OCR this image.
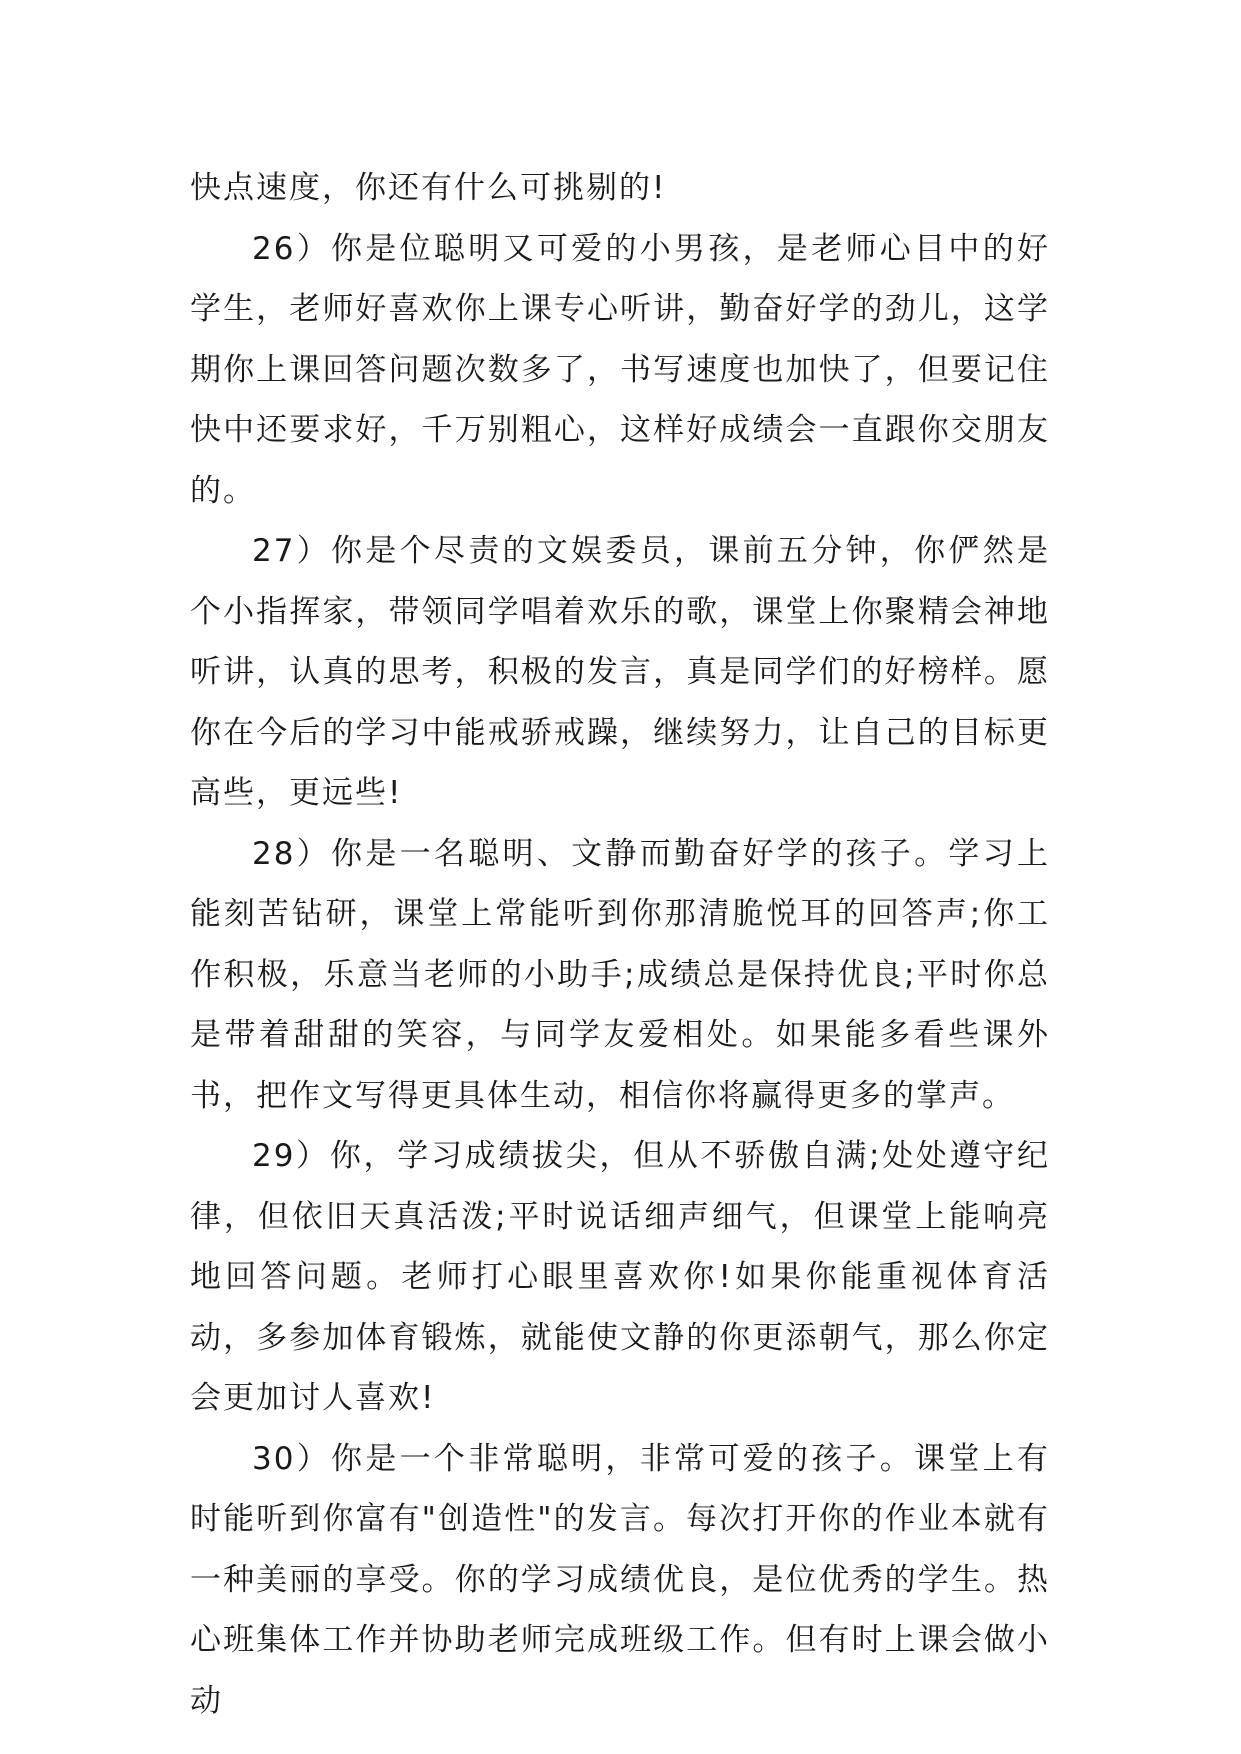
快点速度，你还有什么可挑剔的!

26）你是位聪明又可爱的小男孩，是老师心目中的好学生，老师好喜欢你上课专心听讲，勤奋好学的劲儿，这学期你上课回答问题次数多了，书写速度也加快了，但要记住快中还要求好，千万别粗心，这样好成绩会一直跟你交朋友的。

27）你是个尽责的文娱委员，课前五分钟，你俨然是个小指挥家，带领同学唱着欢乐的歌，课堂上你聚精会神地听讲，认真的思考，积极的发言，真是同学们的好榜样。愿你在今后的学习中能戒骄戒躁，继续努力，让自己的目标更高些，更远些!

28）你是一名聪明、文静而勤奋好学的孩子。学习上能刻苦钻研，课堂上常能听到你那清脆悦耳的回答声;你工作积极，乐意当老师的小助手;成绩总是保持优良;平时你总是带着甜甜的笑容，与同学友爱相处。如果能多看些课外书，把作文写得更具体生动，相信你将赢得更多的掌声。

29）你，学习成绩拔尖，但从不骄傲自满;处处遵守纪律，但依旧天真活泼;平时说话细声细气，但课堂上能响亮地回答问题。老师打心眼里喜欢你!如果你能重视体育活动，多参加体育锻炼，就能使文静的你更添朝气，那么你定会更加讨人喜欢!

30）你是一个非常聪明，非常可爱的孩子。课堂上有时能听到你富有"创造性"的发言。每次打开你的作业本就有一种美丽的享受。你的学习成绩优良，是位优秀的学生。热心班集体工作并协助老师完成班级工作。但有时上课会做小动
